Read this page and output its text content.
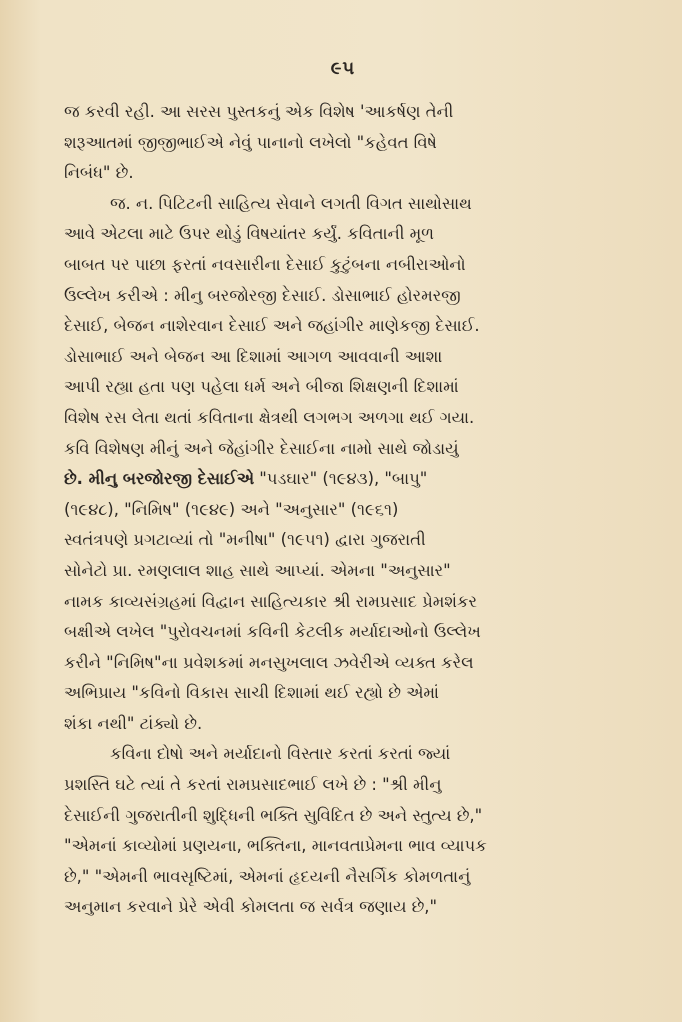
૯૫

જ કરવી રહી. આ સરસ પુસ્તકનું એક વિશેષ 'આકર્ષણ તેની
શરૂઆતમાં જીજીભાઈએ નેવું પાનાનો લખેલો "કહેવત વિષે
નિબંધ" છે.

જ. ન. પિટિટની સાહિત્ય સેવાને લગતી વિગત સાથોસાથ
આવે એટલા માટે ઉપર થોડું વિષયાંતર કર્યું. કવિતાની મૂળ
બાબત પર પાછા ફરતાં નવસારીના દેસાઈ કુટુંબના નબીરાઓનો
ઉલ્લેખ કરીએ : મીનુ બરજોરજી દેસાઈ. ડોસાભાઈ હોરમરજી
દેસાઈ, બેજન નાશેરવાન દેસાઈ અને જહાંગીર માણેકજી દેસાઈ.
ડોસાભાઈ અને બેજન આ દિશામાં આગળ આવવાની આશા
આપી રહ્યા હતા પણ પહેલા ધર્મ અને બીજા શિક્ષણની દિશામાં
વિશેષ રસ લેતા થતાં કવિતાના ક્ષેત્રથી લગભગ અળગા થઈ ગયા.
કવિ વિશેષણ મીનું અને જેહાંગીર દેસાઈના નામો સાથે જોડાયું
છે. મીનુ બરજોરજી દેસાઈએ "પડઘાર" (૧૯૪૩), "બાપુ"
(૧૯૪૮), "નિમિષ" (૧૯૪૯) અને "અનુસાર" (૧૯૬૧)
સ્વતંત્રપણે પ્રગટાવ્યાં તો "મનીષા" (૧૯૫૧) દ્વારા ગુજરાતી
સોનેટો પ્રા. રમણલાલ શાહ સાથે આપ્યાં. એમના "અનુસાર"
નામક કાવ્યસંગ્રહમાં વિદ્વાન સાહિત્યકાર શ્રી રામપ્રસાદ પ્રેમશંકર
બક્ષીએ લખેલ "પુરોવચનમાં કવિની કેટલીક મર્યાદાઓનો ઉલ્લેખ
કરીને "નિમિષ"ના પ્રવેશકમાં મનસુખલાલ ઝવેરીએ વ્યક્ત કરેલ
અભિપ્રાય "કવિનો વિકાસ સાચી દિશામાં થઈ રહ્યો છે એમાં
શંકા નથી" ટાંક્યો છે.

કવિના દોષો અને મર્યાદાનો વિસ્તાર કરતાં કરતાં જ્યાં
પ્રશસ્તિ ઘટે ત્યાં તે કરતાં રામપ્રસાદભાઈ લખે છે : "શ્રી મીનુ
દેસાઈની ગુજરાતીની શુદ્ધિની ભક્તિ સુવિદિત છે અને સ્તુત્ય છે,"
"એમનાં કાવ્યોમાં પ્રણયના, ભક્તિના, માનવતાપ્રેમના ભાવ વ્યાપક
છે," "એમની ભાવસૃષ્ટિમાં, એમનાં હૃદયની નૈસર્ગિક કોમળતાનું
અનુમાન કરવાને પ્રેરે એવી કોમલતા જ સર્વત્ર જણાય છે,"
